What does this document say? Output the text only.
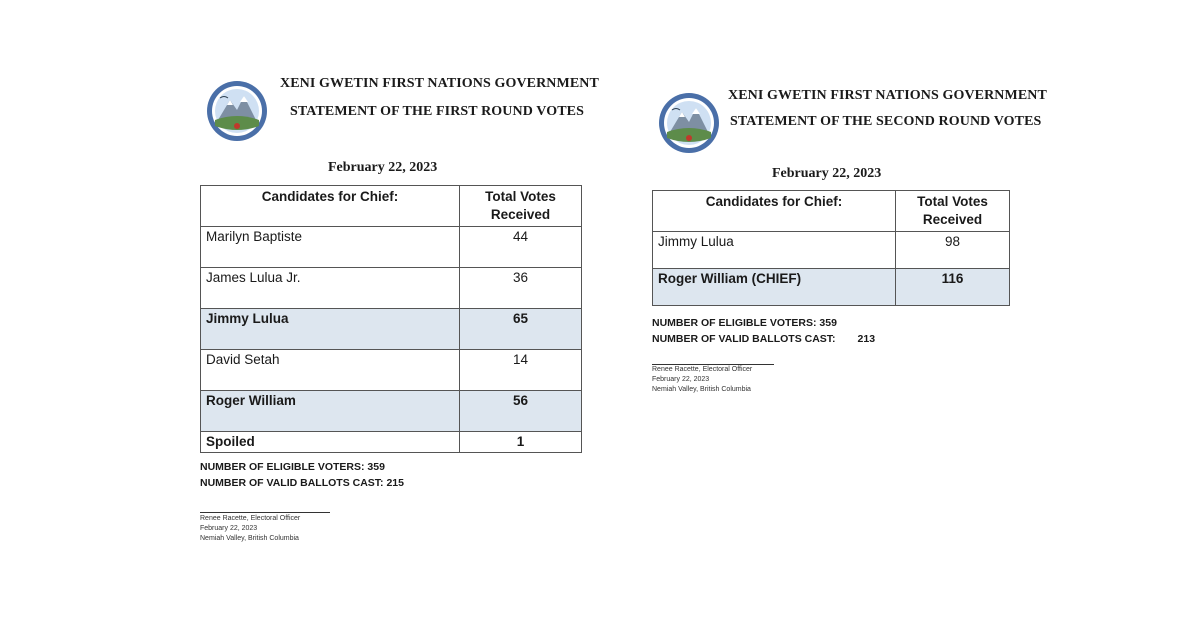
XENI GWETIN FIRST NATIONS GOVERNMENT
STATEMENT OF THE FIRST ROUND VOTES
February 22, 2023
Candidates for Chief:	Total Votes
Received
Marilyn Baptiste	44
James Lulua Jr.	36
Jimmy Lulua	65
David Setah	14
Roger William	56
Spoiled	1
NUMBER OF ELIGIBLE VOTERS: 359
NUMBER OF VALID BALLOTS CAST: 215
Renee Racette, Electoral Officer
February 22, 2023
Nemiah Valley, British Columbia
XENI GWETIN FIRST NATIONS GOVERNMENT
STATEMENT OF THE SECOND ROUND VOTES
February 22, 2023
Candidates for Chief:	Total Votes
Received
Jimmy Lulua	98
Roger William (CHIEF)	116
NUMBER OF ELIGIBLE VOTERS: 359
NUMBER OF VALID BALLOTS CAST: 213
Renee Racette, Electoral Officer
February 22, 2023
Nemiah Valley, British Columbia
